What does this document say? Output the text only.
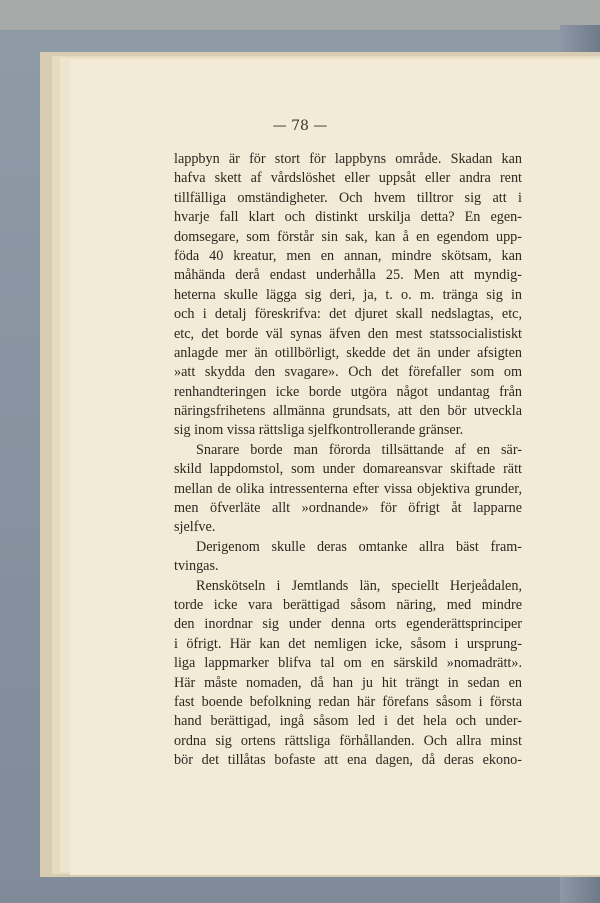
— 78 —
lappbyn är för stort för lappbyns område. Skadan kan
hafva skett af vårdslöshet eller uppsåt eller andra rent
tillfälliga omständigheter. Och hvem tilltror sig att i
hvarje fall klart och distinkt urskilja detta? En egen-
domsegare, som förstår sin sak, kan å en egendom upp-
föda 40 kreatur, men en annan, mindre skötsam, kan
måhända derå endast underhålla 25. Men att myndig-
heterna skulle lägga sig deri, ja, t. o. m. tränga sig in
och i detalj föreskrifva: det djuret skall nedslagtas, etc,
etc, det borde väl synas äfven den mest statssocialistiskt
anlagde mer än otillbörligt, skedde det än under afsigten
»att skydda den svagare». Och det förefaller som om
renhandteringen icke borde utgöra något undantag från
näringsfrihetens allmänna grundsats, att den bör utveckla
sig inom vissa rättsliga sjelfkontrollerande gränser.
Snarare borde man förorda tillsättande af en sär-
skild lappdomstol, som under domareansvar skiftade rätt
mellan de olika intressenterna efter vissa objektiva grunder,
men öfverläte allt »ordnande» för öfrigt åt lapparne
sjelfve.
Derigenom skulle deras omtanke allra bäst fram-
tvingas.
Renskötseln i Jemtlands län, speciellt Herjeådalen,
torde icke vara berättigad såsom näring, med mindre
den inordnar sig under denna orts egenderättsprinciper
i öfrigt. Här kan det nemligen icke, såsom i ursprung-
liga lappmarker blifva tal om en särskild »nomadrätt».
Här måste nomaden, då han ju hit trängt in sedan en
fast boende befolkning redan här förefans såsom i första
hand berättigad, ingå såsom led i det hela och under-
ordna sig ortens rättsliga förhållanden. Och allra minst
bör det tillåtas bofaste att ena dagen, då deras ekono-
